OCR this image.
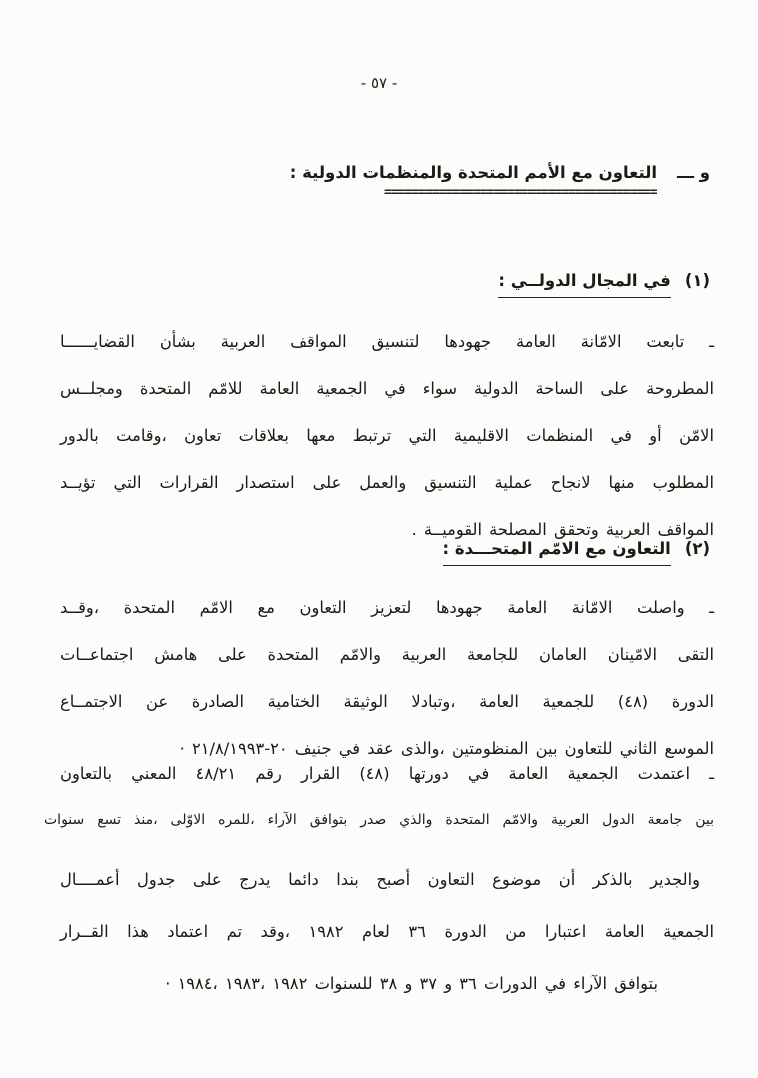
- ٥٧ -
و ـــ
التعاون مع الأمم المتحدة والمنظمات الدولية :
========================================
(١)
في المجال الدولــي :
ـ تابعت الامّانة العامة جهودها لتنسيق المواقف العربية بشأن القضايــــــا
المطروحة على الساحة الدولية سواء في الجمعية العامة للامّم المتحدة ومجلــس
الامّن أو في المنظمات الاقليمية التي ترتبط معها بعلاقات تعاون ،وقامت بالدور
المطلوب منها لانجاح عملية التنسيق والعمل على استصدار القرارات التي تؤيــد
المواقف العربية وتحقق المصلحة القوميــة .
(٢)
التعاون مع الامّم المتحـــدة :
ـ واصلت الامّانة العامة جهودها لتعزيز التعاون مع الامّم المتحدة ،وقــد
التقى الامّينان العامان للجامعة العربية والامّم المتحدة على هامش اجتماعــات
الدورة (٤٨) للجمعية العامة ،وتبادلا الوثيقة الختامية الصادرة عن الاجتمــاع
الموسع الثاني للتعاون بين المنظومتين ،والذى عقد في جنيف ‪٢٠-٢١/٨/١٩٩٣‬ ·
ـ اعتمدت الجمعية العامة في دورتها (٤٨) القرار رقم ٤٨/٢١ المعني بالتعاون
بين جامعة الدول العربية والامّم المتحدة والذي صدر بتوافق الآراء ،للمره الاوّلى ،منذ تسع سنوات
والجدير بالذكر أن موضوع التعاون أصبح بندا دائما يدرج على جدول أعمــــال
الجمعية العامة اعتبارا من الدورة ٣٦ لعام ١٩٨٢ ،وقد تم اعتماد هذا القــرار
بتوافق الآراء في الدورات ٣٦ و ٣٧ و ٣٨ للسنوات ١٩٨٢ ،١٩٨٣ ،١٩٨٤ ·
